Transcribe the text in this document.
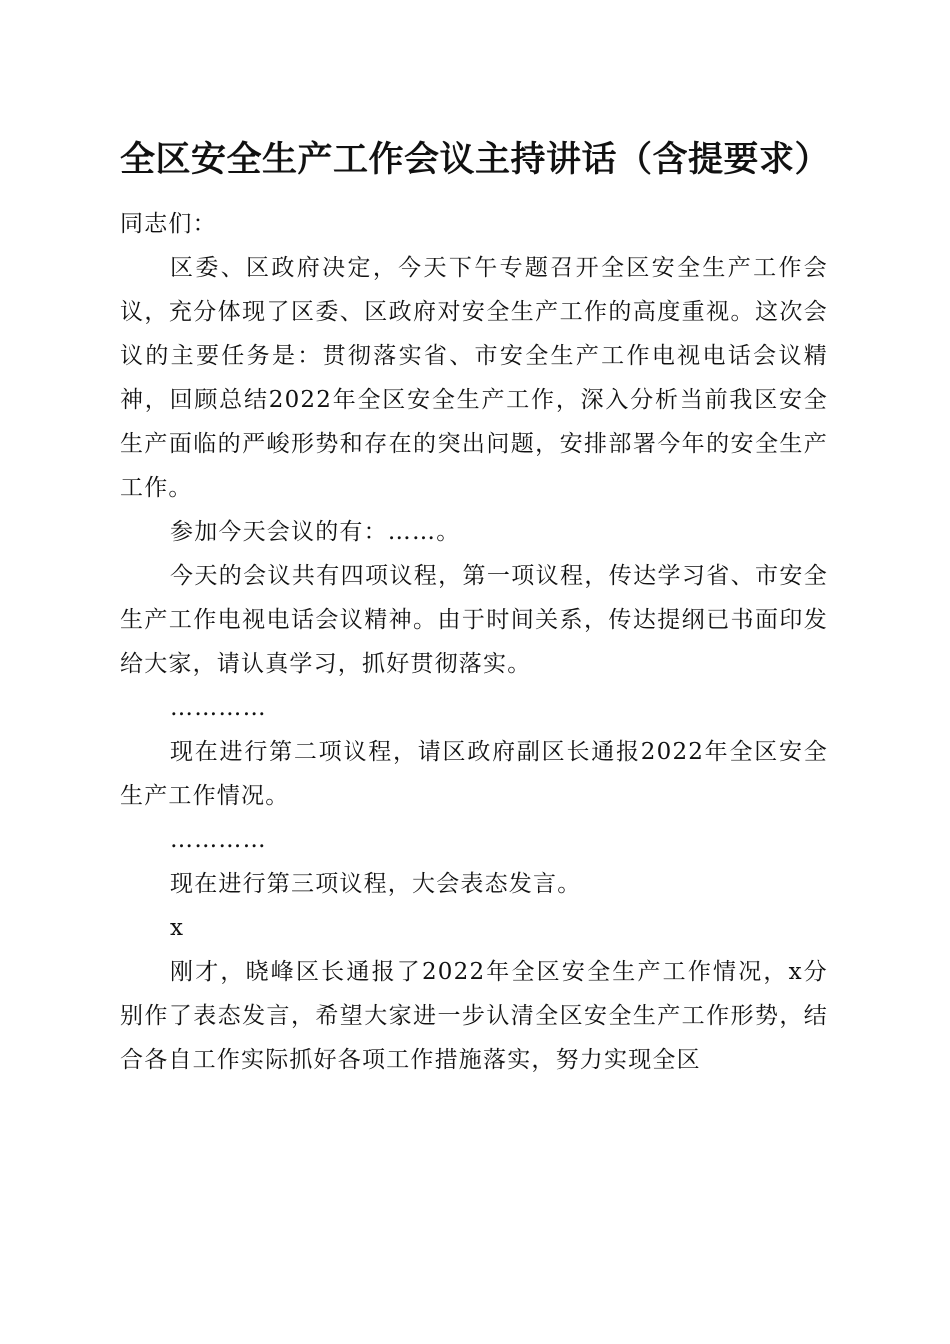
全区安全生产工作会议主持讲话（含提要求）

同志们：

区委、区政府决定，今天下午专题召开全区安全生产工作会议，充分体现了区委、区政府对安全生产工作的高度重视。这次会议的主要任务是：贯彻落实省、市安全生产工作电视电话会议精神，回顾总结2022年全区安全生产工作，深入分析当前我区安全生产面临的严峻形势和存在的突出问题，安排部署今年的安全生产工作。

参加今天会议的有：……。

今天的会议共有四项议程，第一项议程，传达学习省、市安全生产工作电视电话会议精神。由于时间关系，传达提纲已书面印发给大家，请认真学习，抓好贯彻落实。

…………

现在进行第二项议程，请区政府副区长通报2022年全区安全生产工作情况。

…………

现在进行第三项议程，大会表态发言。

x

刚才，晓峰区长通报了2022年全区安全生产工作情况，x分别作了表态发言，希望大家进一步认清全区安全生产工作形势，结合各自工作实际抓好各项工作措施落实，努力实现全区
